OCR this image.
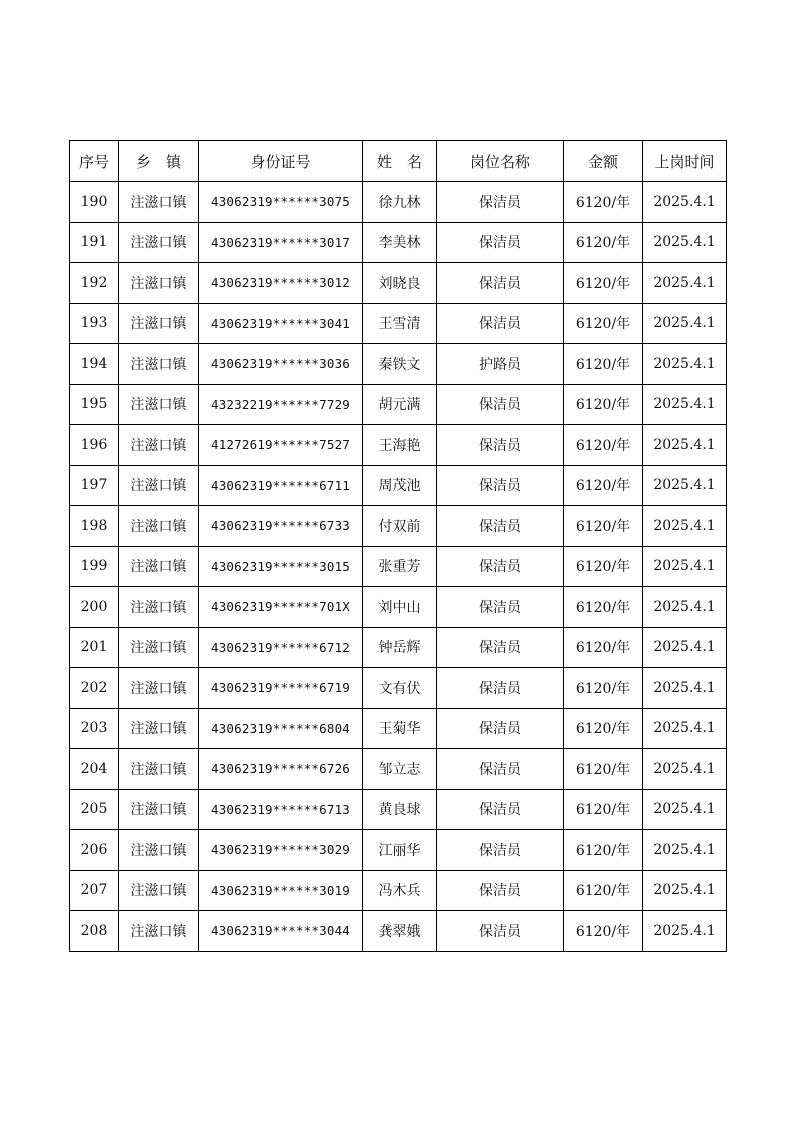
序号	乡　镇	身份证号	姓　名	岗位名称	金额	上岗时间
190	注滋口镇	43062319******3075	徐九林	保洁员	6120/年	2025.4.1
191	注滋口镇	43062319******3017	李美林	保洁员	6120/年	2025.4.1
192	注滋口镇	43062319******3012	刘晓良	保洁员	6120/年	2025.4.1
193	注滋口镇	43062319******3041	王雪清	保洁员	6120/年	2025.4.1
194	注滋口镇	43062319******3036	秦铁文	护路员	6120/年	2025.4.1
195	注滋口镇	43232219******7729	胡元满	保洁员	6120/年	2025.4.1
196	注滋口镇	41272619******7527	王海艳	保洁员	6120/年	2025.4.1
197	注滋口镇	43062319******6711	周茂池	保洁员	6120/年	2025.4.1
198	注滋口镇	43062319******6733	付双前	保洁员	6120/年	2025.4.1
199	注滋口镇	43062319******3015	张重芳	保洁员	6120/年	2025.4.1
200	注滋口镇	43062319******701X	刘中山	保洁员	6120/年	2025.4.1
201	注滋口镇	43062319******6712	钟岳辉	保洁员	6120/年	2025.4.1
202	注滋口镇	43062319******6719	文有伏	保洁员	6120/年	2025.4.1
203	注滋口镇	43062319******6804	王菊华	保洁员	6120/年	2025.4.1
204	注滋口镇	43062319******6726	邹立志	保洁员	6120/年	2025.4.1
205	注滋口镇	43062319******6713	黄良球	保洁员	6120/年	2025.4.1
206	注滋口镇	43062319******3029	江丽华	保洁员	6120/年	2025.4.1
207	注滋口镇	43062319******3019	冯木兵	保洁员	6120/年	2025.4.1
208	注滋口镇	43062319******3044	龚翠娥	保洁员	6120/年	2025.4.1
